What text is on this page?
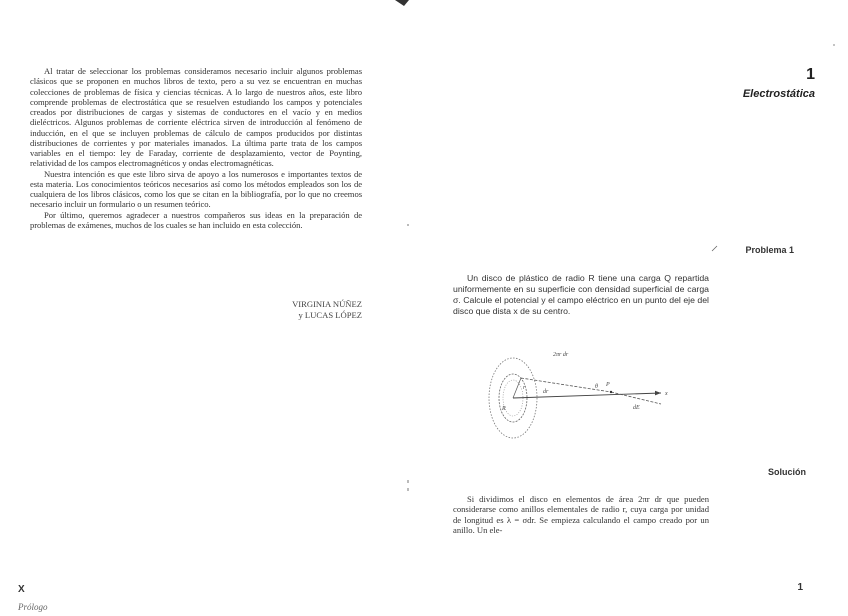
Al tratar de seleccionar los problemas consideramos necesario incluir algunos problemas clásicos que se proponen en muchos libros de texto, pero a su vez se encuentran en muchas colecciones de problemas de física y ciencias técnicas. A lo largo de nuestros años, este libro comprende problemas de electrostática que se resuelven estudiando los campos y potenciales creados por distribuciones de cargas y sistemas de conductores en el vacío y en medios dieléctricos. Algunos problemas de corriente eléctrica sirven de introducción al fenómeno de inducción, en el que se incluyen problemas de cálculo de campos producidos por distintas distribuciones de corrientes y por materiales imanados. La última parte trata de los campos variables en el tiempo: ley de Faraday, corriente de desplazamiento, vector de Poynting, relatividad de los campos electromagnéticos y ondas electromagnéticas.

Nuestra intención es que este libro sirva de apoyo a los numerosos e importantes textos de esta materia. Los conocimientos teóricos necesarios así como los métodos empleados son los de cualquiera de los libros clásicos, como los que se citan en la bibliografía, por lo que no creemos necesario incluir un formulario o un resumen teórico.

Por último, queremos agradecer a nuestros compañeros sus ideas en la preparación de problemas de exámenes, muchos de los cuales se han incluido en esta colección.

VIRGINIA NÚÑEZ
y LUCAS LÓPEZ
X
Prólogo
1
Electrostática
Problema 1

Un disco de plástico de radio R tiene una carga Q repartida uniformemente en su superficie con densidad superficial de carga σ. Calcule el potencial y el campo eléctrico en un punto del eje del disco que dista x de su centro.

2πr dr
r	θ P
dE
x
dr
R
Solución

Si dividimos el disco en elementos de área 2πr dr que pueden considerarse como anillos elementales de radio r, cuya carga por unidad de longitud es λ = σdr. Se empieza calculando el campo creado por un anillo. Un ele-

1
